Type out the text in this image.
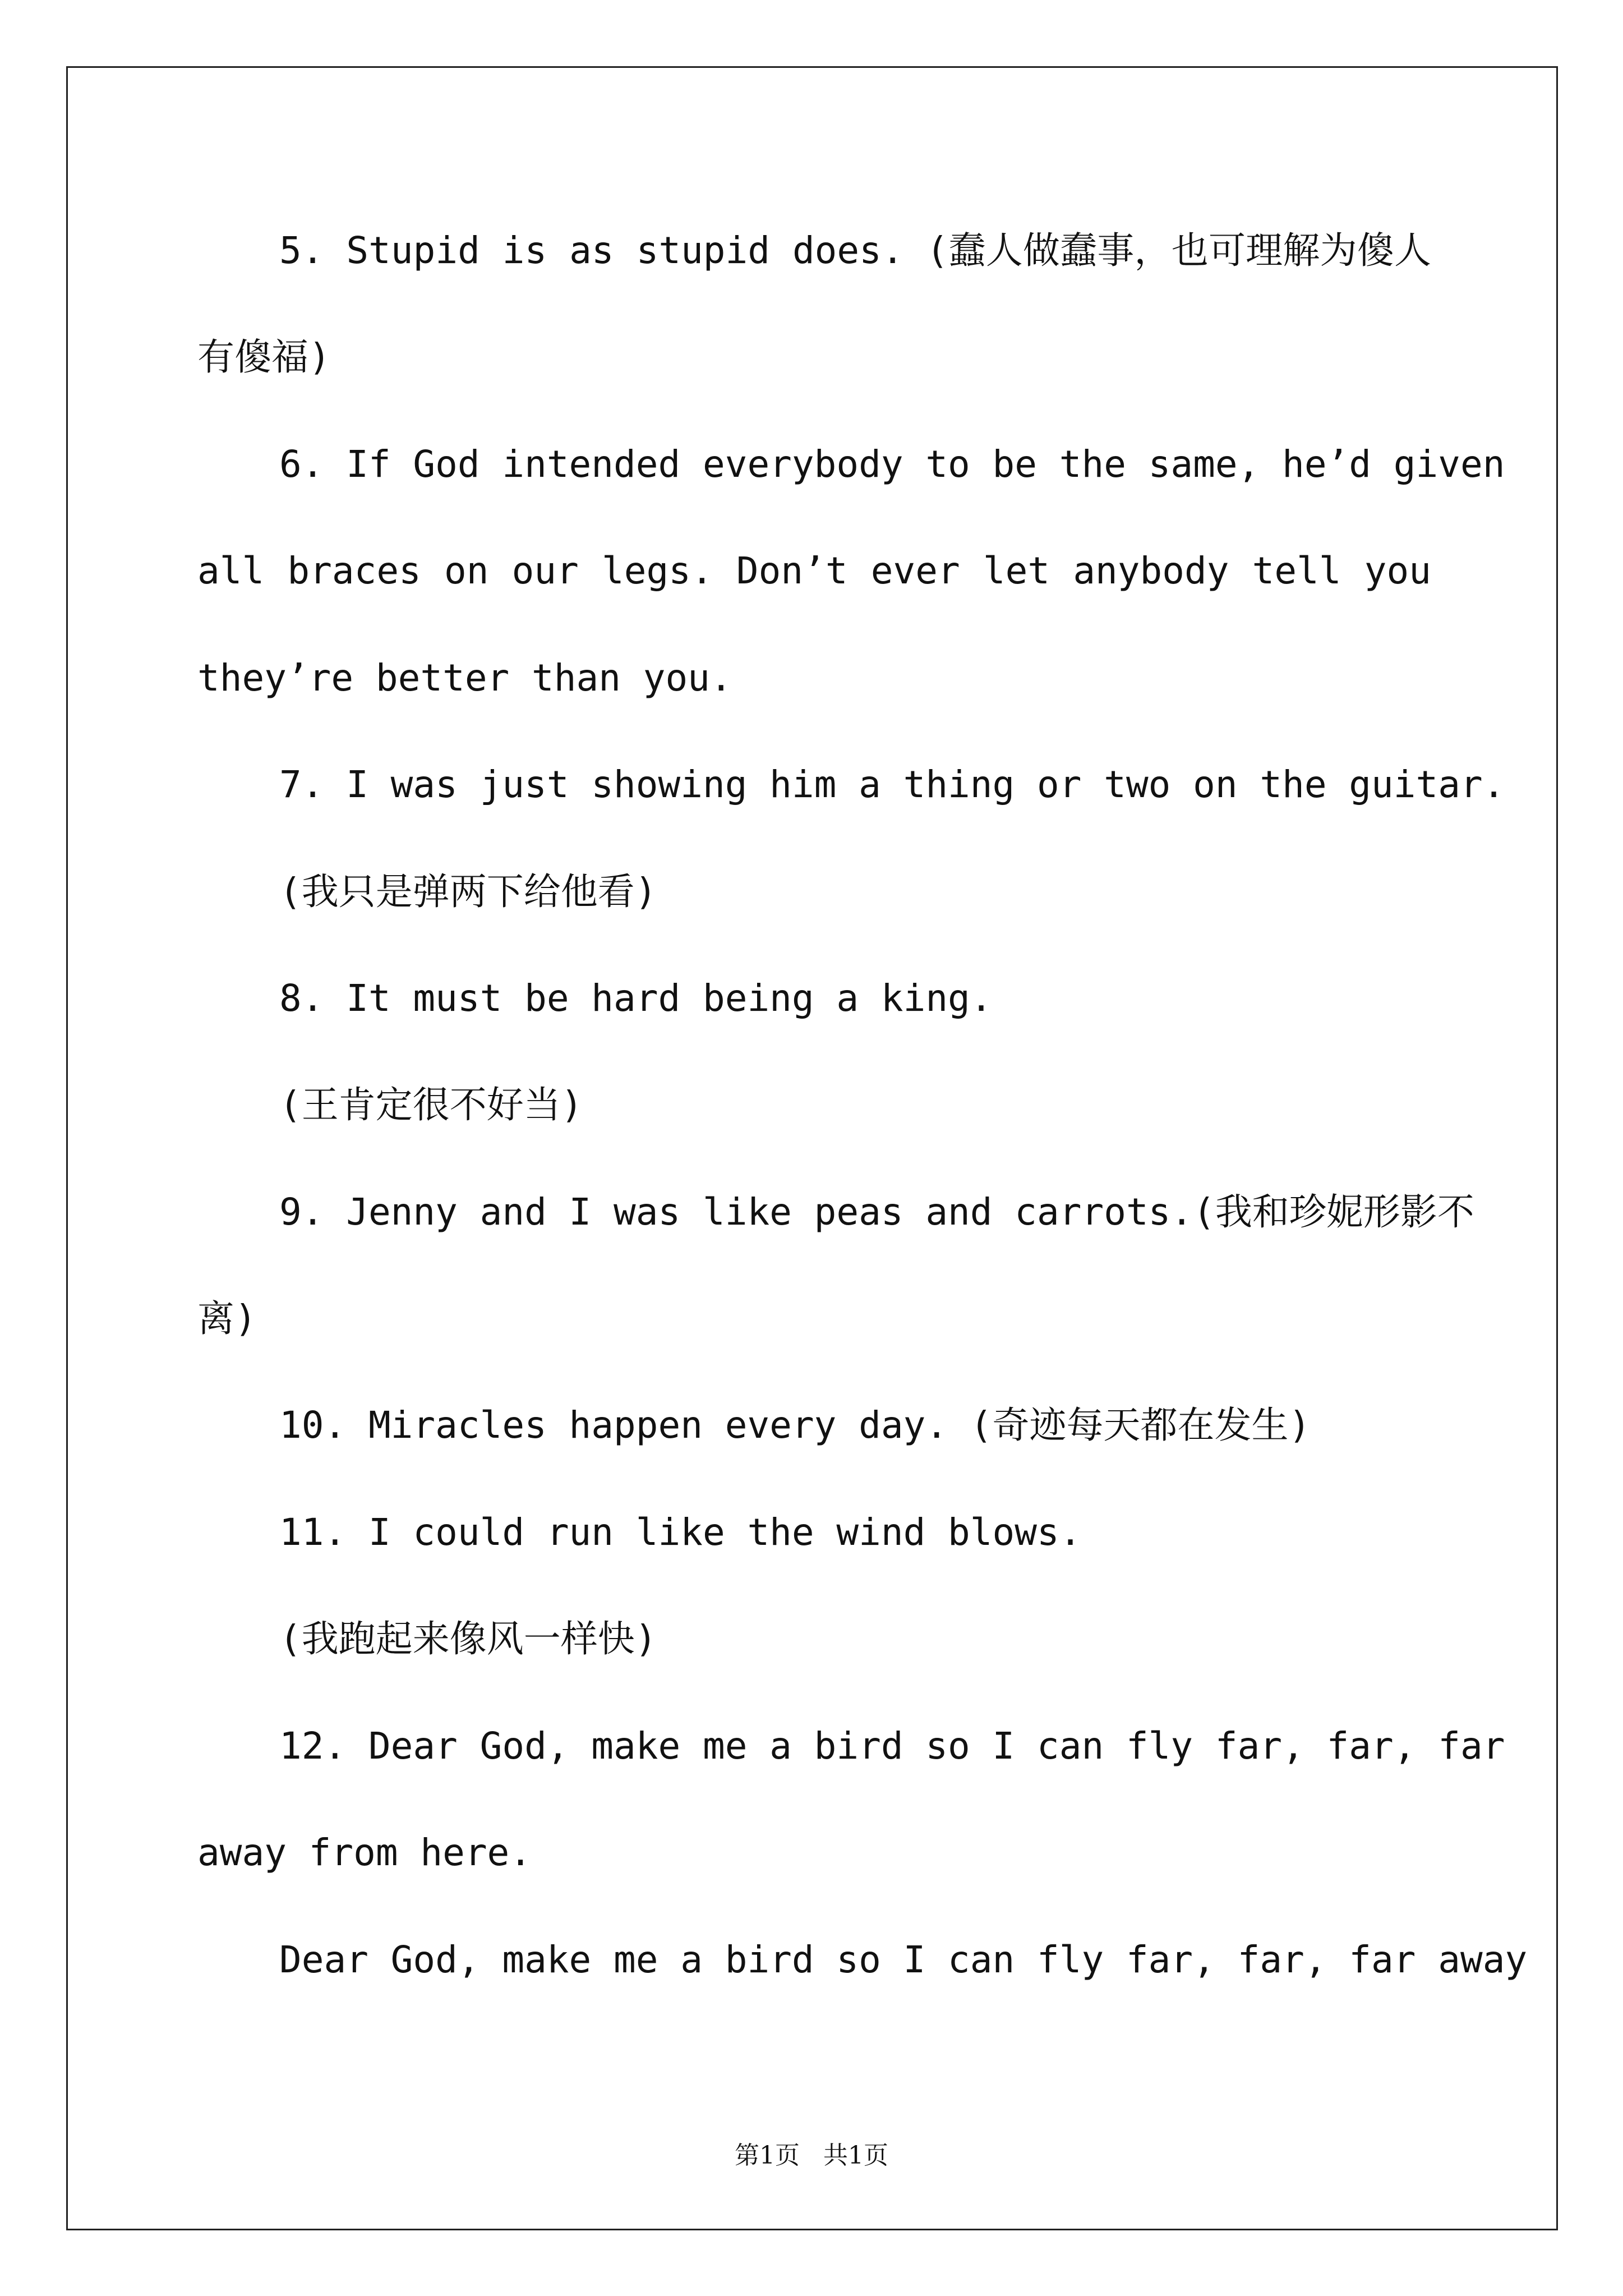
5. Stupid is as stupid does. (蠢人做蠢事，也可理解为傻人
有傻福)
6. If God intended everybody to be the same, he’d given
all braces on our legs. Don’t ever let anybody tell you
they’re better than you.
7. I was just showing him a thing or two on the guitar.
(我只是弹两下给他看)
8. It must be hard being a king.
(王肯定很不好当)
9. Jenny and I was like peas and carrots.(我和珍妮形影不
离)
10. Miracles happen every day. (奇迹每天都在发生)
11. I could run like the wind blows.
(我跑起来像风一样快)
12. Dear God, make me a bird so I can fly far, far, far
away from here.
Dear God, make me a bird so I can fly far, far, far away
第1页   共1页
